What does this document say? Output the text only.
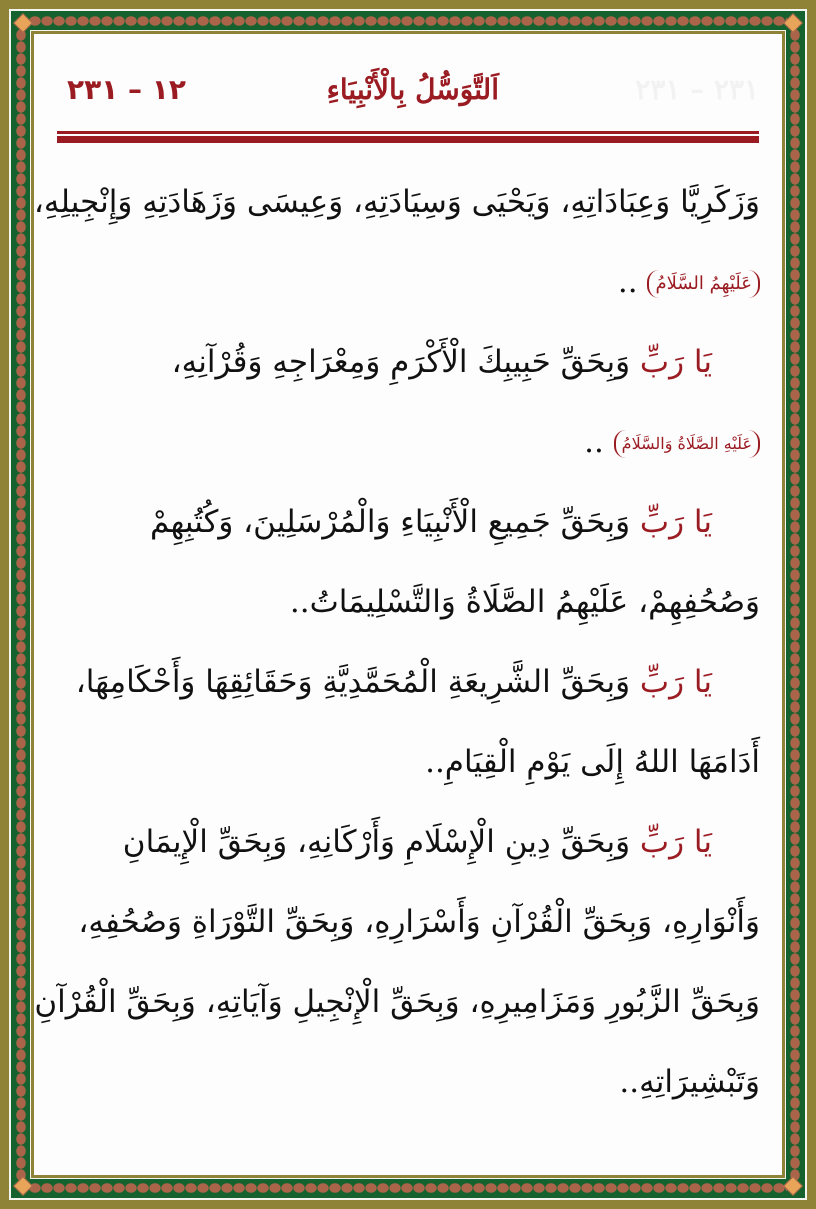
٢٣١ – ٢٣١
اَلتَّوَسُّلُ بِالْأَنْبِيَاءِ
١٢ – ٢٣١
وَزَكَرِيَّا وَعِبَادَاتِهِ، وَيَحْيَى وَسِيَادَتِهِ، وَعِيسَى وَزَهَادَتِهِ وَإِنْجِيلِهِ،
عَلَيْهِمُ السَّلَامُ ..
يَا رَبِّ وَبِحَقِّ حَبِيبِكَ الْأَكْرَمِ وَمِعْرَاجِهِ وَقُرْآنِهِ،
عَلَيْهِ الصَّلَاةُ وَالسَّلَامُ ..
يَا رَبِّ وَبِحَقِّ جَمِيعِ الْأَنْبِيَاءِ وَالْمُرْسَلِينَ، وَكُتُبِهِمْ
وَصُحُفِهِمْ، عَلَيْهِمُ الصَّلَاةُ وَالتَّسْلِيمَاتُ..
يَا رَبِّ وَبِحَقِّ الشَّرِيعَةِ الْمُحَمَّدِيَّةِ وَحَقَائِقِهَا وَأَحْكَامِهَا،
أَدَامَهَا اللهُ إِلَى يَوْمِ الْقِيَامِ..
يَا رَبِّ وَبِحَقِّ دِينِ الْإِسْلَامِ وَأَرْكَانِهِ، وَبِحَقِّ الْإِيمَانِ
وَأَنْوَارِهِ، وَبِحَقِّ الْقُرْآنِ وَأَسْرَارِهِ، وَبِحَقِّ التَّوْرَاةِ وَصُحُفِهِ،
وَبِحَقِّ الزَّبُورِ وَمَزَامِيرِهِ، وَبِحَقِّ الْإِنْجِيلِ وَآيَاتِهِ، وَبِحَقِّ الْقُرْآنِ
وَتَبْشِيرَاتِهِ..
